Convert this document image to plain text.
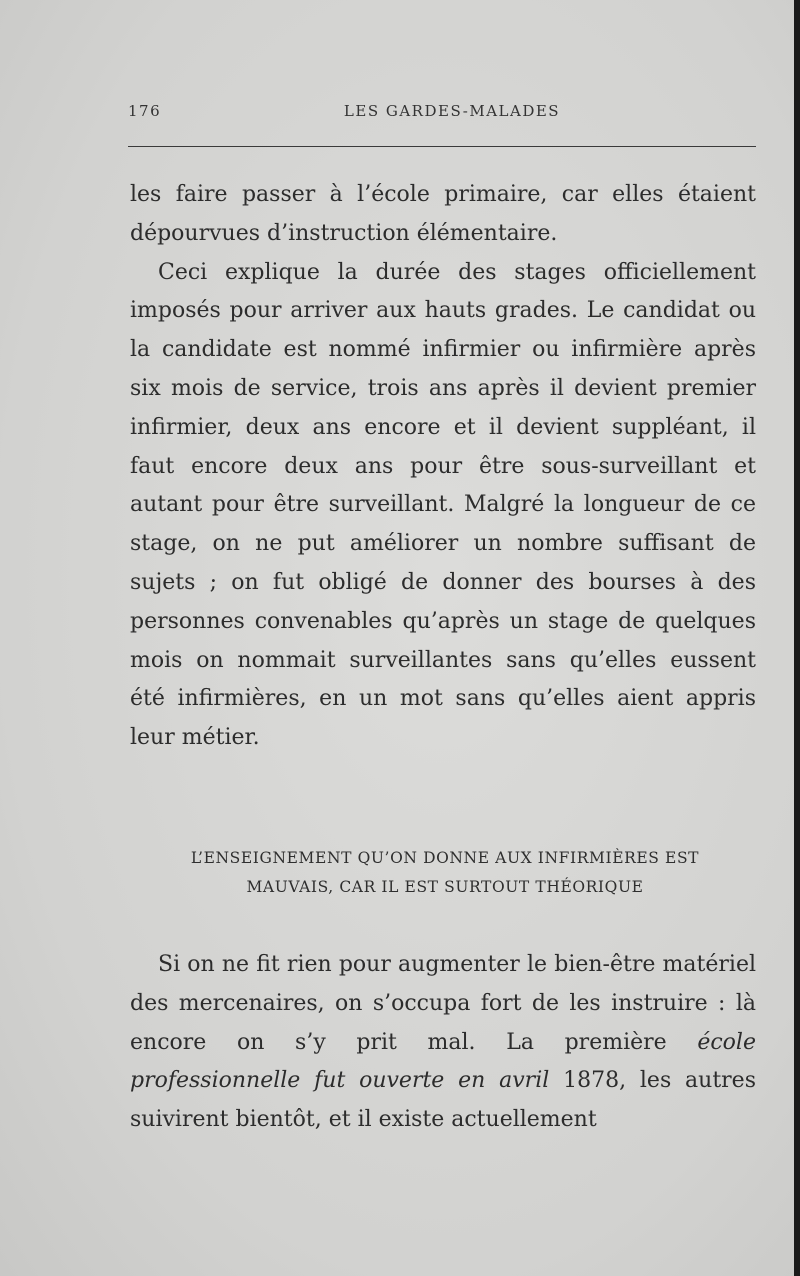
176	LES GARDES-MALADES

les faire passer à l’école primaire, car elles étaient dépourvues d’instruction élémentaire.

Ceci explique la durée des stages officiellement imposés pour arriver aux hauts grades. Le candidat ou la candidate est nommé infirmier ou infirmière après six mois de service, trois ans après il devient premier infirmier, deux ans encore et il devient suppléant, il faut encore deux ans pour être sous-surveillant et autant pour être surveillant. Malgré la longueur de ce stage, on ne put améliorer un nombre suffisant de sujets ; on fut obligé de donner des bourses à des personnes convenables qu’après un stage de quelques mois on nommait surveillantes sans qu’elles eussent été infirmières, en un mot sans qu’elles aient appris leur métier.

L’ENSEIGNEMENT QU’ON DONNE AUX INFIRMIÈRES EST
MAUVAIS, CAR IL EST SURTOUT THÉORIQUE

Si on ne fit rien pour augmenter le bien-être matériel des mercenaires, on s’occupa fort de les instruire : là encore on s’y prit mal. La première école professionnelle fut ouverte en avril 1878, les autres suivirent bientôt, et il existe actuellement
